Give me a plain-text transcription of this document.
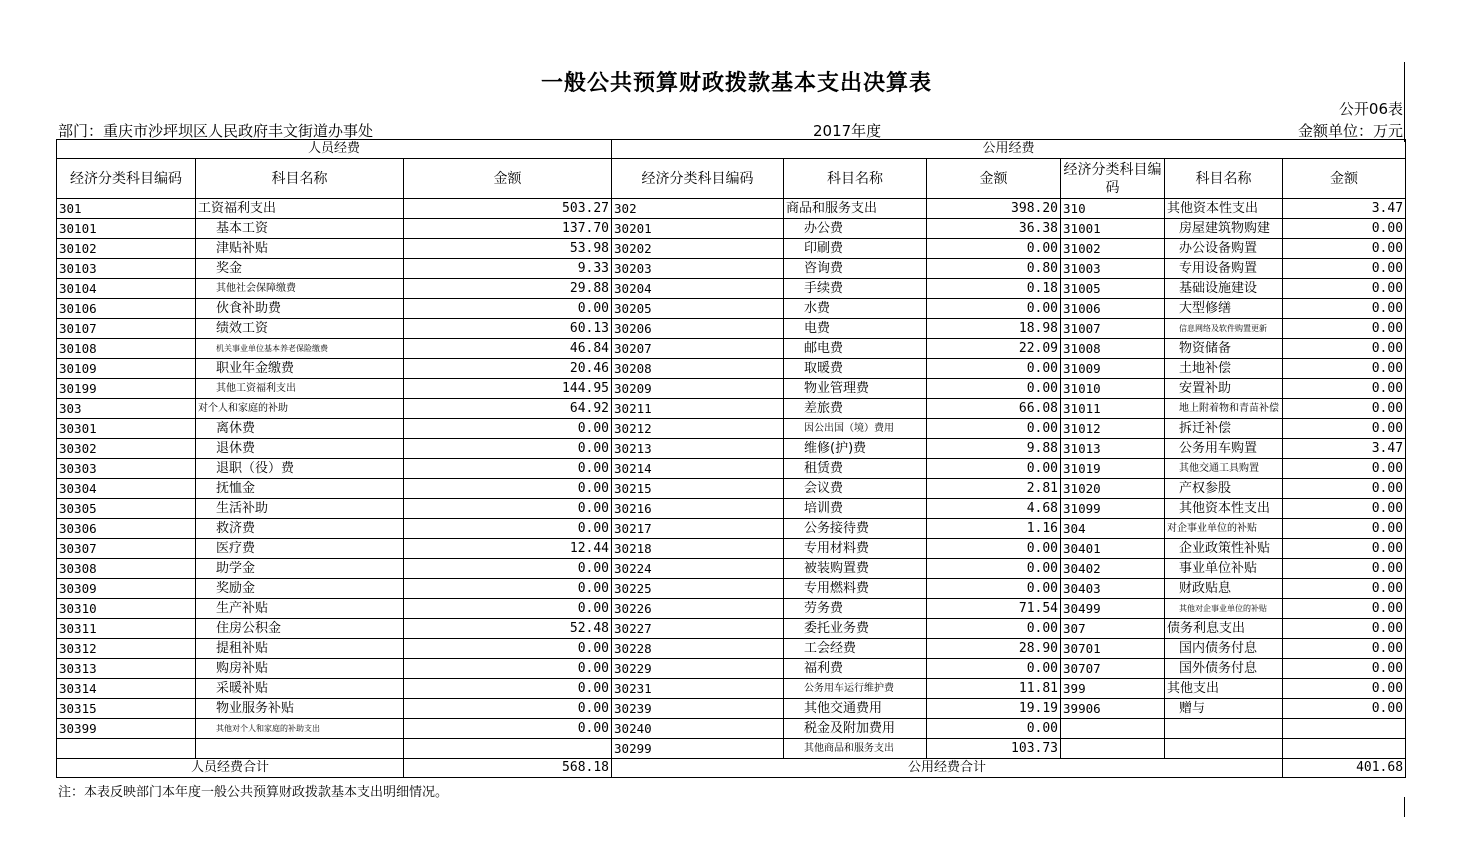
一般公共预算财政拨款基本支出决算表
公开06表
部门：重庆市沙坪坝区人民政府丰文街道办事处	2017年度	金额单位：万元
人员经费			公用经费					
经济分类科目编码	科目名称	金额	经济分类科目编码	科目名称	金额	经济分类科目编码	科目名称	金额
301	工资福利支出	503.27	302	商品和服务支出	398.20	310	其他资本性支出	3.47
30101	基本工资	137.70	30201	办公费	36.38	31001	房屋建筑物购建	0.00
30102	津贴补贴	53.98	30202	印刷费	0.00	31002	办公设备购置	0.00
30103	奖金	9.33	30203	咨询费	0.80	31003	专用设备购置	0.00
30104	其他社会保障缴费	29.88	30204	手续费	0.18	31005	基础设施建设	0.00
30106	伙食补助费	0.00	30205	水费	0.00	31006	大型修缮	0.00
30107	绩效工资	60.13	30206	电费	18.98	31007	信息网络及软件购置更新	0.00
30108	机关事业单位基本养老保险缴费	46.84	30207	邮电费	22.09	31008	物资储备	0.00
30109	职业年金缴费	20.46	30208	取暖费	0.00	31009	土地补偿	0.00
30199	其他工资福利支出	144.95	30209	物业管理费	0.00	31010	安置补助	0.00
303	对个人和家庭的补助	64.92	30211	差旅费	66.08	31011	地上附着物和青苗补偿	0.00
30301	离休费	0.00	30212	因公出国（境）费用	0.00	31012	拆迁补偿	0.00
30302	退休费	0.00	30213	维修(护)费	9.88	31013	公务用车购置	3.47
30303	退职（役）费	0.00	30214	租赁费	0.00	31019	其他交通工具购置	0.00
30304	抚恤金	0.00	30215	会议费	2.81	31020	产权参股	0.00
30305	生活补助	0.00	30216	培训费	4.68	31099	其他资本性支出	0.00
30306	救济费	0.00	30217	公务接待费	1.16	304	对企事业单位的补贴	0.00
30307	医疗费	12.44	30218	专用材料费	0.00	30401	企业政策性补贴	0.00
30308	助学金	0.00	30224	被装购置费	0.00	30402	事业单位补贴	0.00
30309	奖励金	0.00	30225	专用燃料费	0.00	30403	财政贴息	0.00
30310	生产补贴	0.00	30226	劳务费	71.54	30499	其他对企事业单位的补贴	0.00
30311	住房公积金	52.48	30227	委托业务费	0.00	307	债务利息支出	0.00
30312	提租补贴	0.00	30228	工会经费	28.90	30701	国内债务付息	0.00
30313	购房补贴	0.00	30229	福利费	0.00	30707	国外债务付息	0.00
30314	采暖补贴	0.00	30231	公务用车运行维护费	11.81	399	其他支出	0.00
30315	物业服务补贴	0.00	30239	其他交通费用	19.19	39906	赠与	0.00
30399	其他对个人和家庭的补助支出	0.00	30240	税金及附加费用	0.00			
			30299	其他商品和服务支出	103.73			
人员经费合计		568.18	公用经费合计					401.68
注：本表反映部门本年度一般公共预算财政拨款基本支出明细情况。
